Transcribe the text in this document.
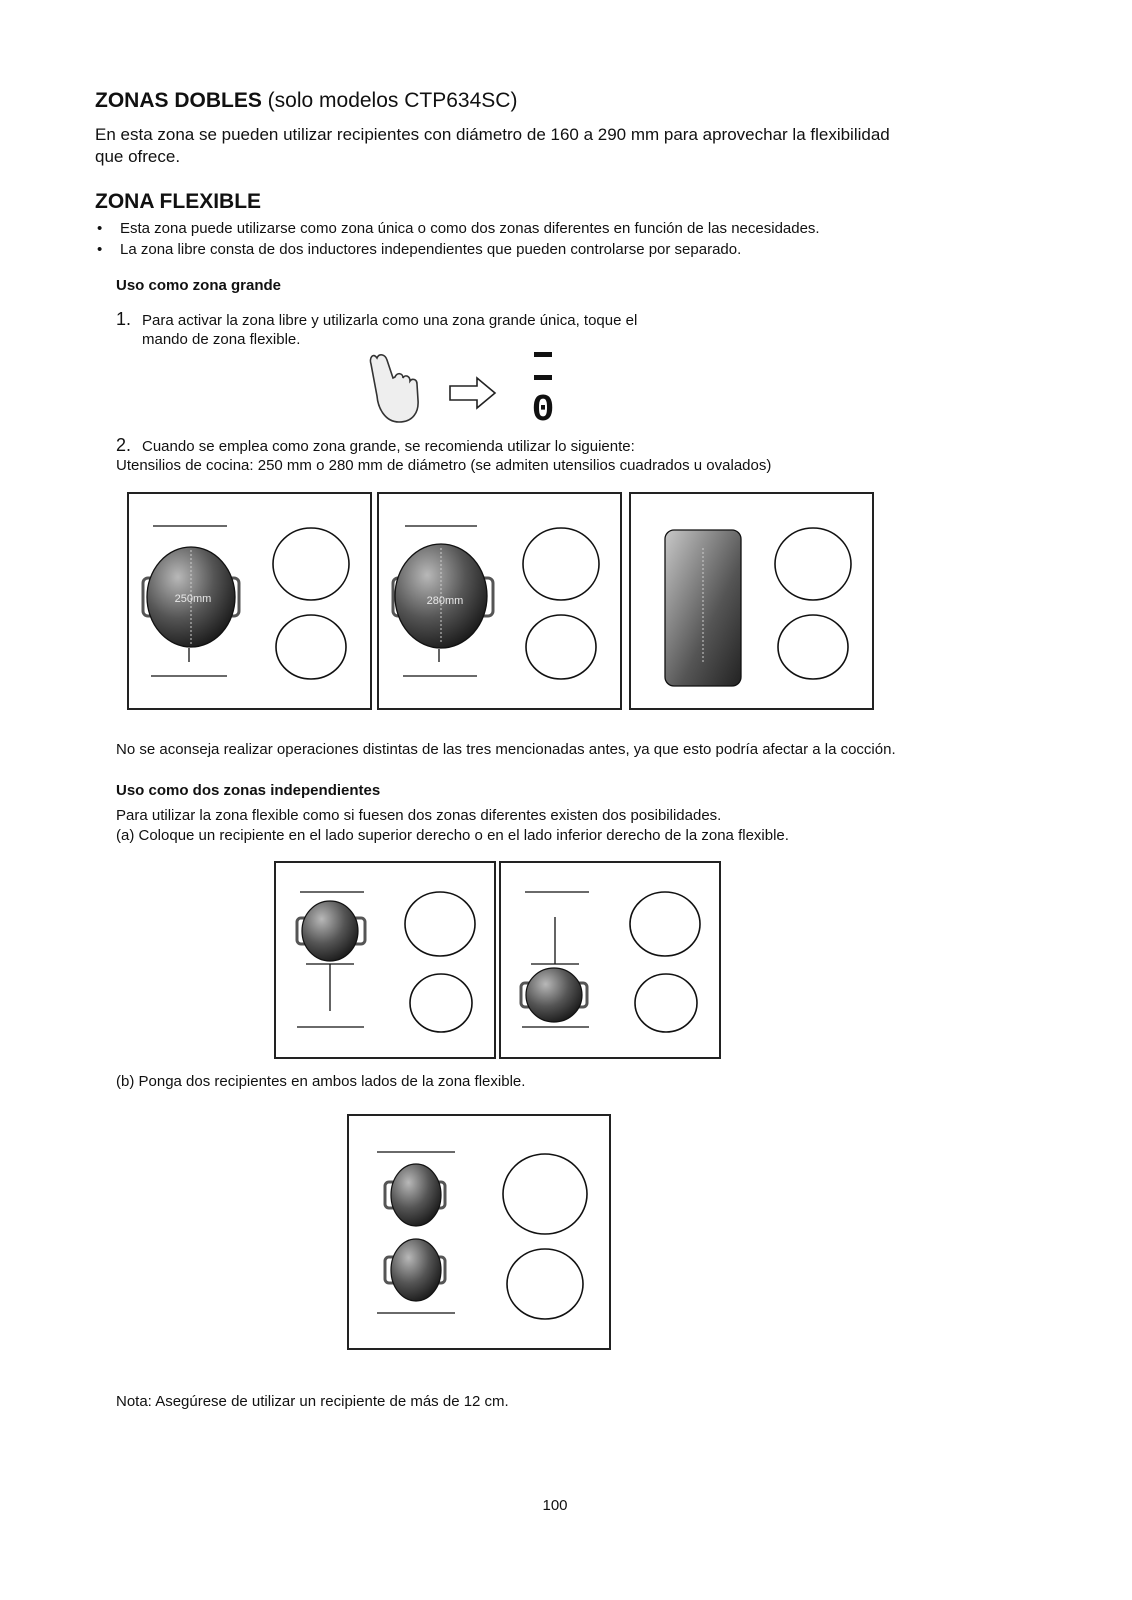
ZONAS DOBLES (solo modelos CTP634SC)
En esta zona se pueden utilizar recipientes con diámetro de 160 a 290 mm para aprovechar la flexibilidad
que ofrece.
ZONA FLEXIBLE
• Esta zona puede utilizarse como zona única o como dos zonas diferentes en función de las necesidades.
• La zona libre consta de dos inductores independientes que pueden controlarse por separado.
Uso como zona grande
1. Para activar la zona libre y utilizarla como una zona grande única, toque el
mando de zona flexible.
0
2. Cuando se emplea como zona grande, se recomienda utilizar lo siguiente:
Utensilios de cocina: 250 mm o 280 mm de diámetro (se admiten utensilios cuadrados u ovalados)
250mm	280mm
No se aconseja realizar operaciones distintas de las tres mencionadas antes, ya que esto podría afectar a la cocción.
Uso como dos zonas independientes
Para utilizar la zona flexible como si fuesen dos zonas diferentes existen dos posibilidades.
(a) Coloque un recipiente en el lado superior derecho o en el lado inferior derecho de la zona flexible.
(b) Ponga dos recipientes en ambos lados de la zona flexible.
Nota: Asegúrese de utilizar un recipiente de más de 12 cm.
100
